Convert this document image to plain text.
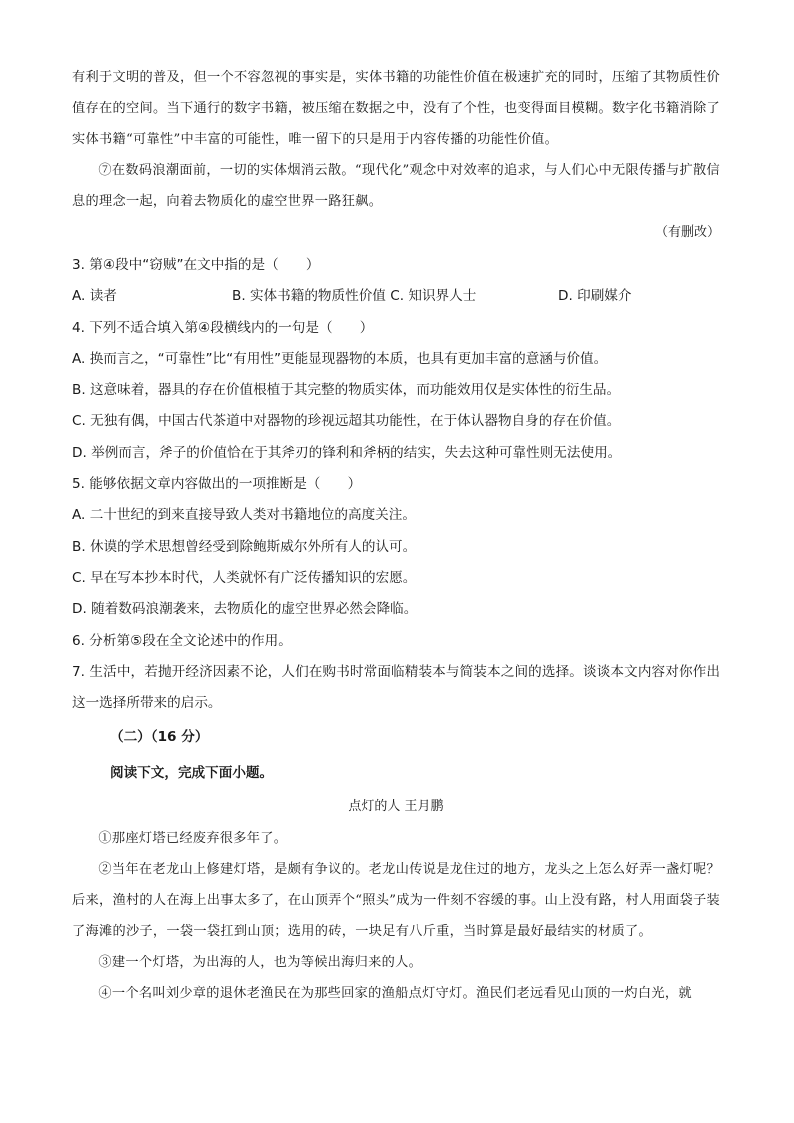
有利于文明的普及，但一个不容忽视的事实是，实体书籍的功能性价值在极速扩充的同时，压缩了其物质性价值存在的空间。当下通行的数字书籍，被压缩在数据之中，没有了个性，也变得面目模糊。数字化书籍消除了实体书籍“可靠性”中丰富的可能性，唯一留下的只是用于内容传播的功能性价值。

⑦在数码浪潮面前，一切的实体烟消云散。“现代化”观念中对效率的追求，与人们心中无限传播与扩散信息的理念一起，向着去物质化的虚空世界一路狂飙。

（有删改）

3. 第④段中“窃贼”在文中指的是（　　）

A. 读者	B. 实体书籍的物质性价值 C. 知识界人士	D. 印刷媒介

4. 下列不适合填入第④段横线内的一句是（　　）

A. 换而言之，“可靠性”比“有用性”更能显现器物的本质，也具有更加丰富的意涵与价值。

B. 这意味着，器具的存在价值根植于其完整的物质实体，而功能效用仅是实体性的衍生品。

C. 无独有偶，中国古代茶道中对器物的珍视远超其功能性，在于体认器物自身的存在价值。

D. 举例而言，斧子的价值恰在于其斧刃的锋利和斧柄的结实，失去这种可靠性则无法使用。

5. 能够依据文章内容做出的一项推断是（　　）

A. 二十世纪的到来直接导致人类对书籍地位的高度关注。

B. 休谟的学术思想曾经受到除鲍斯威尔外所有人的认可。

C. 早在写本抄本时代，人类就怀有广泛传播知识的宏愿。

D. 随着数码浪潮袭来，去物质化的虚空世界必然会降临。

6. 分析第⑤段在全文论述中的作用。

7. 生活中，若抛开经济因素不论，人们在购书时常面临精装本与简装本之间的选择。谈谈本文内容对你作出这一选择所带来的启示。

（二）（16 分）

阅读下文，完成下面小题。

点灯的人 王月鹏

①那座灯塔已经废弃很多年了。

②当年在老龙山上修建灯塔，是颇有争议的。老龙山传说是龙住过的地方，龙头之上怎么好弄一盏灯呢？后来，渔村的人在海上出事太多了，在山顶弄个“照头”成为一件刻不容缓的事。山上没有路，村人用面袋子装了海滩的沙子，一袋一袋扛到山顶；选用的砖，一块足有八斤重，当时算是最好最结实的材质了。

③建一个灯塔，为出海的人，也为等候出海归来的人。

④一个名叫刘少章的退休老渔民在为那些回家的渔船点灯守灯。渔民们老远看见山顶的一灼白光，就
